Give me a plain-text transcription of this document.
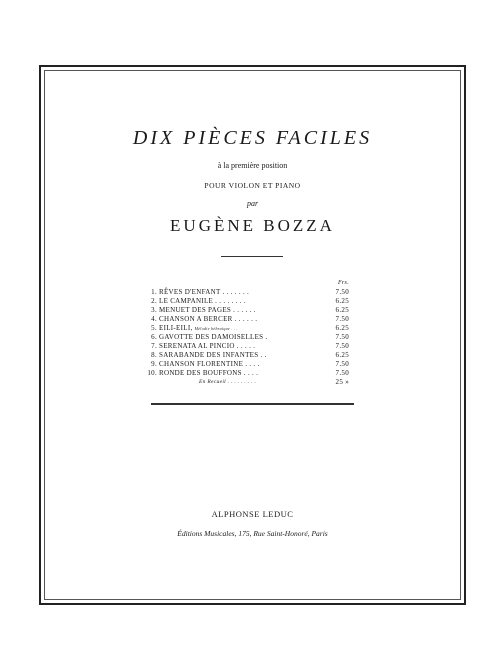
DIX PIÈCES FACILES
à la première position
POUR VIOLON ET PIANO
par
EUGÈNE BOZZA
Frs.
1. RÊVES D'ENFANT . . . . . . .	7.50
2. LE CAMPANILE . . . . . . . .	6.25
3. MENUET DES PAGES . . . . . .	6.25
4. CHANSON A BERCER . . . . . .	7.50
5. EILI-EILI, Mélodie hébraïque . . .	6.25
6. GAVOTTE DES DAMOISELLES .	7.50
7. SERENATA AL PINCIO . . . . .	7.50
8. SARABANDE DES INFANTES . .	6.25
9. CHANSON FLORENTINE . . . .	7.50
10. RONDE DES BOUFFONS . . . .	7.50
En Recueil . . . . . . . . .	25 »
ALPHONSE LEDUC
Éditions Musicales, 175, Rue Saint-Honoré, Paris
